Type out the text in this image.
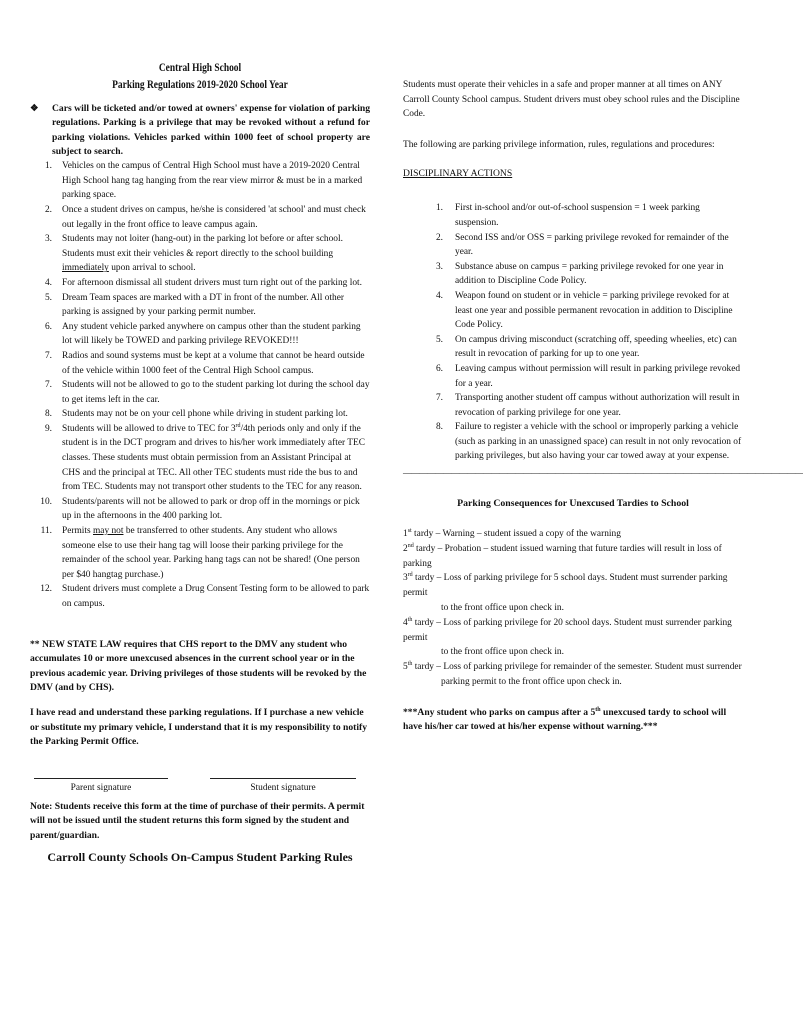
Central High School
Parking Regulations 2019-2020 School Year
❖ Cars will be ticketed and/or towed at owners' expense for violation of parking regulations. Parking is a privilege that may be revoked without a refund for parking violations. Vehicles parked within 1000 feet of school property are subject to search.
1. Vehicles on the campus of Central High School must have a 2019-2020 Central High School hang tag hanging from the rear view mirror & must be in a marked parking space.
2. Once a student drives on campus, he/she is considered 'at school' and must check out legally in the front office to leave campus again.
3. Students may not loiter (hang-out) in the parking lot before or after school. Students must exit their vehicles & report directly to the school building immediately upon arrival to school.
4. For afternoon dismissal all student drivers must turn right out of the parking lot.
5. Dream Team spaces are marked with a DT in front of the number. All other parking is assigned by your parking permit number.
6. Any student vehicle parked anywhere on campus other than the student parking lot will likely be TOWED and parking privilege REVOKED!!!
7. Radios and sound systems must be kept at a volume that cannot be heard outside of the vehicle within 1000 feet of the Central High School campus.
7. Students will not be allowed to go to the student parking lot during the school day to get items left in the car.
8. Students may not be on your cell phone while driving in student parking lot.
9. Students will be allowed to drive to TEC for 3rd/4th periods only and only if the student is in the DCT program and drives to his/her work immediately after TEC classes. These students must obtain permission from an Assistant Principal at CHS and the principal at TEC. All other TEC students must ride the bus to and from TEC. Students may not transport other students to the TEC for any reason.
10. Students/parents will not be allowed to park or drop off in the mornings or pick up in the afternoons in the 400 parking lot.
11. Permits may not be transferred to other students. Any student who allows someone else to use their hang tag will loose their parking privilege for the remainder of the school year. Parking hang tags can not be shared! (One person per $40 hangtag purchase.)
12. Student drivers must complete a Drug Consent Testing form to be allowed to park on campus.
** NEW STATE LAW requires that CHS report to the DMV any student who accumulates 10 or more unexcused absences in the current school year or in the previous academic year. Driving privileges of those students will be revoked by the DMV (and by CHS).
I have read and understand these parking regulations. If I purchase a new vehicle or substitute my primary vehicle, I understand that it is my responsibility to notify the Parking Permit Office.
Parent signature	Student signature
Note: Students receive this form at the time of purchase of their permits. A permit will not be issued until the student returns this form signed by the student and parent/guardian.
Carroll County Schools On-Campus Student Parking Rules
Students must operate their vehicles in a safe and proper manner at all times on ANY Carroll County School campus. Student drivers must obey school rules and the Discipline Code.
The following are parking privilege information, rules, regulations and procedures:
DISCIPLINARY ACTIONS
1. First in-school and/or out-of-school suspension = 1 week parking suspension.
2. Second ISS and/or OSS = parking privilege revoked for remainder of the year.
3. Substance abuse on campus = parking privilege revoked for one year in addition to Discipline Code Policy.
4. Weapon found on student or in vehicle = parking privilege revoked for at least one year and possible permanent revocation in addition to Discipline Code Policy.
5. On campus driving misconduct (scratching off, speeding wheelies, etc) can result in revocation of parking for up to one year.
6. Leaving campus without permission will result in parking privilege revoked for a year.
7. Transporting another student off campus without authorization will result in revocation of parking privilege for one year.
8. Failure to register a vehicle with the school or improperly parking a vehicle (such as parking in an unassigned space) can result in not only revocation of parking privileges, but also having your car towed away at your expense.
——————————————————————————————————————————————————
Parking Consequences for Unexcused Tardies to School
1st tardy – Warning – student issued a copy of the warning
2nd tardy – Probation – student issued warning that future tardies will result in loss of parking
3rd tardy – Loss of parking privilege for 5 school days. Student must surrender parking permit
to the front office upon check in.
4th tardy – Loss of parking privilege for 20 school days. Student must surrender parking permit
to the front office upon check in.
5th tardy – Loss of parking privilege for remainder of the semester. Student must surrender
parking permit to the front office upon check in.
***Any student who parks on campus after a 5th unexcused tardy to school will have his/her car towed at his/her expense without warning.***
